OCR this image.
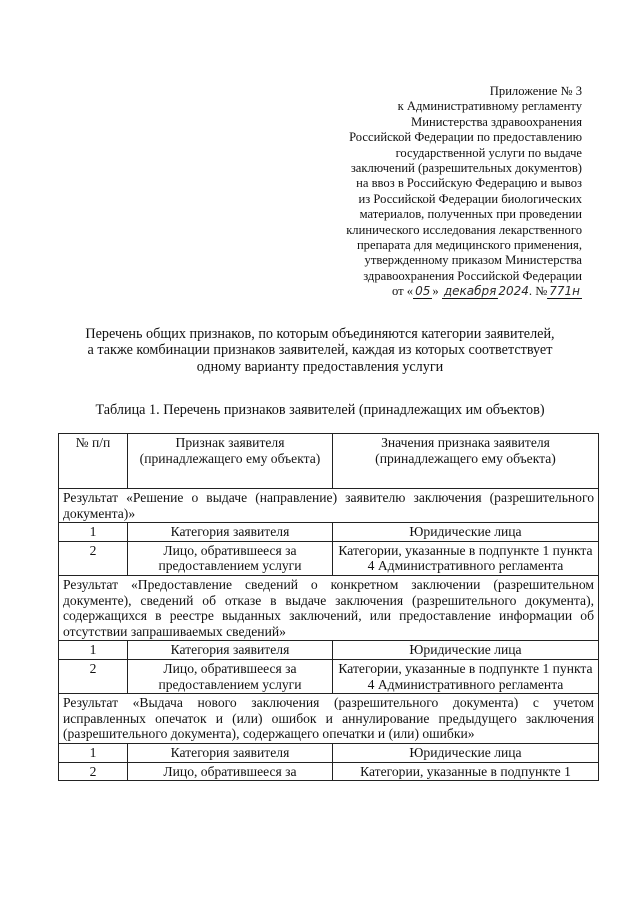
Приложение № 3
к Административному регламенту
Министерства здравоохранения
Российской Федерации по предоставлению
государственной услуги по выдаче
заключений (разрешительных документов)
на ввоз в Российскую Федерацию и вывоз
из Российской Федерации биологических
материалов, полученных при проведении
клинического исследования лекарственного
препарата для медицинского применения,
утвержденному приказом Министерства
здравоохранения Российской Федерации
от « 05 » декабря 2024. № 771н
Перечень общих признаков, по которым объединяются категории заявителей,
а также комбинации признаков заявителей, каждая из которых соответствует
одному варианту предоставления услуги
Таблица 1. Перечень признаков заявителей (принадлежащих им объектов)
№ п/п	Признак заявителя (принадлежащего ему объекта)	Значения признака заявителя (принадлежащего ему объекта)
Результат «Решение о выдаче (направление) заявителю заключения (разрешительного документа)»		
1	Категория заявителя	Юридические лица
2	Лицо, обратившееся за предоставлением услуги	Категории, указанные в подпункте 1 пункта 4 Административного регламента
Результат «Предоставление сведений о конкретном заключении (разрешительном документе), сведений об отказе в выдаче заключения (разрешительного документа), содержащихся в реестре выданных заключений, или предоставление информации об отсутствии запрашиваемых сведений»		
1	Категория заявителя	Юридические лица
2	Лицо, обратившееся за предоставлением услуги	Категории, указанные в подпункте 1 пункта 4 Административного регламента
Результат «Выдача нового заключения (разрешительного документа) с учетом исправленных опечаток и (или) ошибок и аннулирование предыдущего заключения (разрешительного документа), содержащего опечатки и (или) ошибки»		
1	Категория заявителя	Юридические лица
2	Лицо, обратившееся за	Категории, указанные в подпункте 1
